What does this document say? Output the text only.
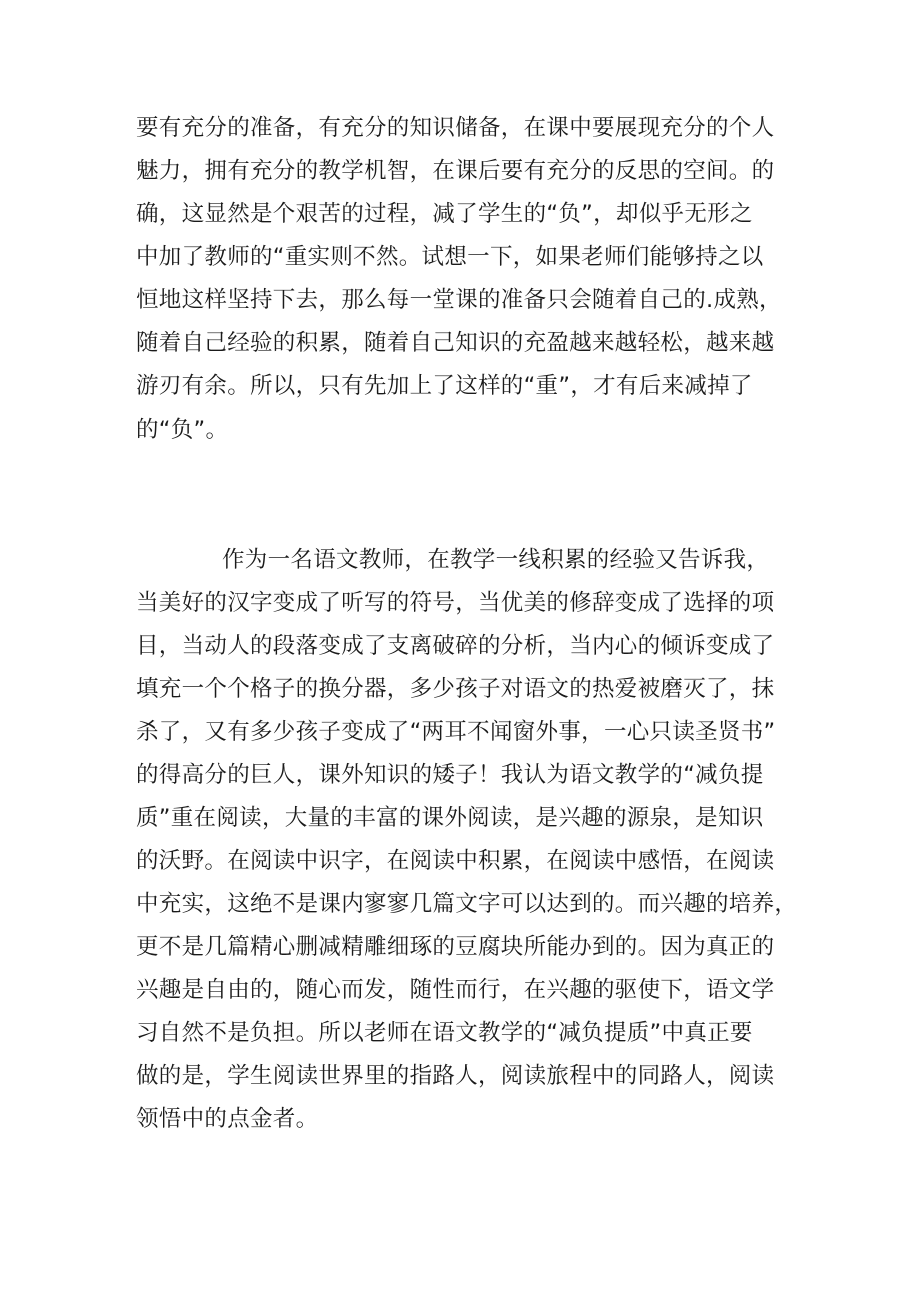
要有充分的准备，有充分的知识储备，在课中要展现充分的个人
魅力，拥有充分的教学机智，在课后要有充分的反思的空间。的
确，这显然是个艰苦的过程，减了学生的“负”，却似乎无形之
中加了教师的“重实则不然。试想一下，如果老师们能够持之以
恒地这样坚持下去，那么每一堂课的准备只会随着自己的.成熟，
随着自己经验的积累，随着自己知识的充盈越来越轻松，越来越
游刃有余。所以，只有先加上了这样的“重”，才有后来减掉了
的“负”。
作为一名语文教师，在教学一线积累的经验又告诉我，
当美好的汉字变成了听写的符号，当优美的修辞变成了选择的项
目，当动人的段落变成了支离破碎的分析，当内心的倾诉变成了
填充一个个格子的换分器，多少孩子对语文的热爱被磨灭了，抹
杀了，又有多少孩子变成了“两耳不闻窗外事，一心只读圣贤书”
的得高分的巨人，课外知识的矮子！我认为语文教学的“减负提
质”重在阅读，大量的丰富的课外阅读，是兴趣的源泉，是知识
的沃野。在阅读中识字，在阅读中积累，在阅读中感悟，在阅读
中充实，这绝不是课内寥寥几篇文字可以达到的。而兴趣的培养，
更不是几篇精心删减精雕细琢的豆腐块所能办到的。因为真正的
兴趣是自由的，随心而发，随性而行，在兴趣的驱使下，语文学
习自然不是负担。所以老师在语文教学的“减负提质”中真正要
做的是，学生阅读世界里的指路人，阅读旅程中的同路人，阅读
领悟中的点金者。
